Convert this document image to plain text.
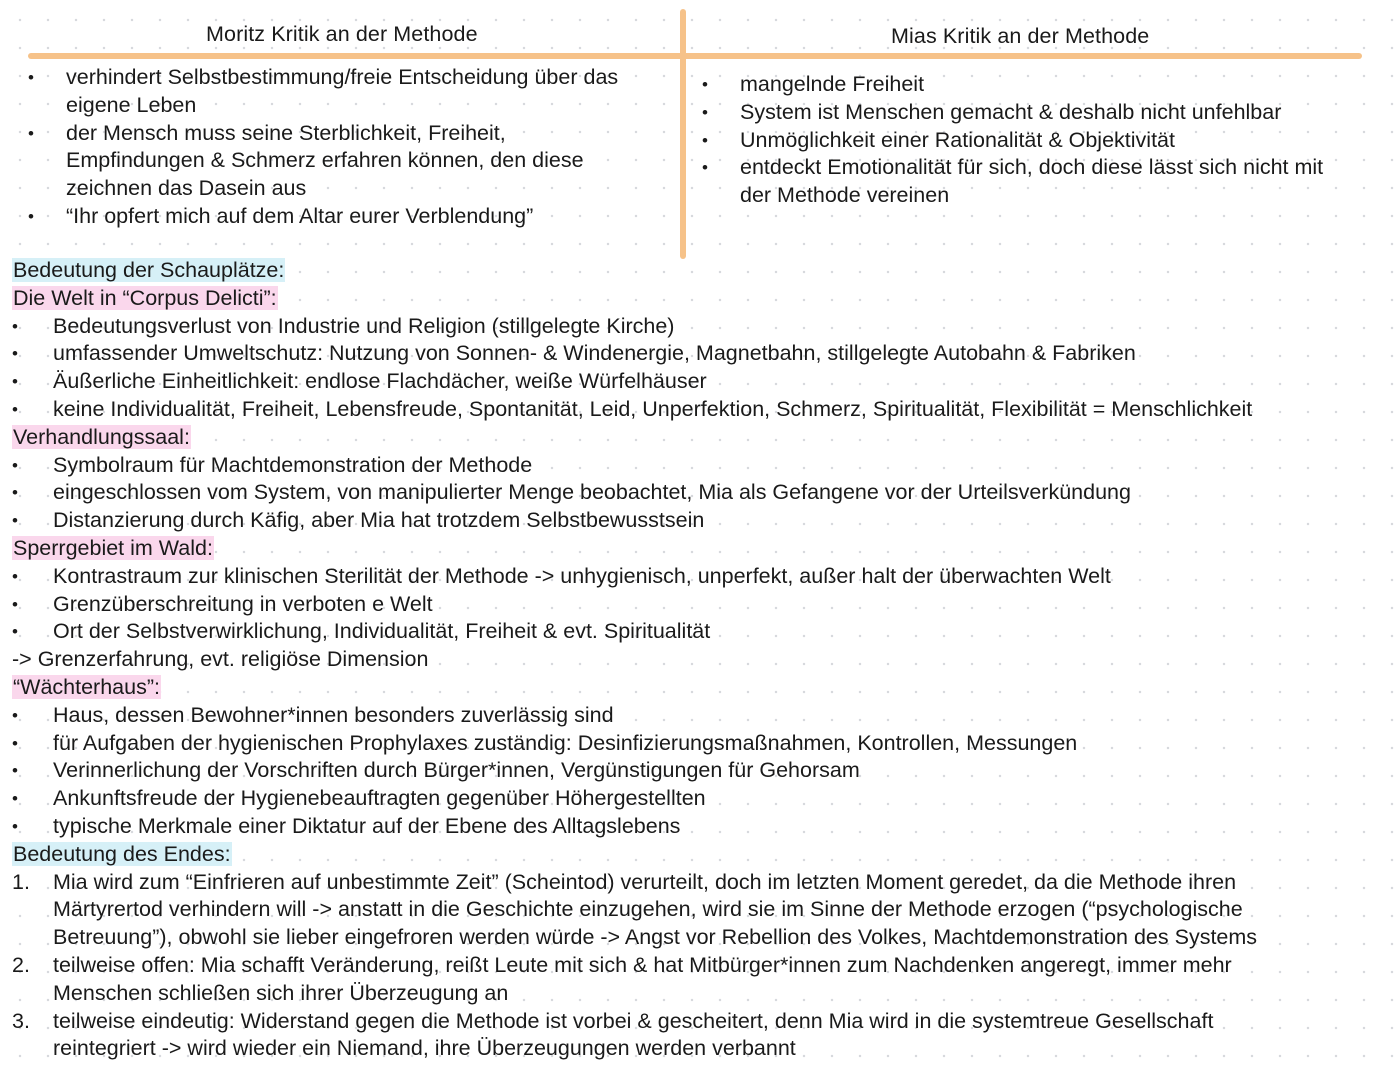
Moritz Kritik an der Methode	Mias Kritik an der Methode
• verhindert Selbstbestimmung/freie Entscheidung über das
eigene Leben
• der Mensch muss seine Sterblichkeit, Freiheit,
Empfindungen & Schmerz erfahren können, den diese
zeichnen das Dasein aus
• “Ihr opfert mich auf dem Altar eurer Verblendung”
• mangelnde Freiheit
• System ist Menschen gemacht & deshalb nicht unfehlbar
• Unmöglichkeit einer Rationalität & Objektivität
• entdeckt Emotionalität für sich, doch diese lässt sich nicht mit
der Methode vereinen
Bedeutung der Schauplätze:
Die Welt in “Corpus Delicti”:
• Bedeutungsverlust von Industrie und Religion (stillgelegte Kirche)
• umfassender Umweltschutz: Nutzung von Sonnen- & Windenergie, Magnetbahn, stillgelegte Autobahn & Fabriken
• Äußerliche Einheitlichkeit: endlose Flachdächer, weiße Würfelhäuser
• keine Individualität, Freiheit, Lebensfreude, Spontanität, Leid, Unperfektion, Schmerz, Spiritualität, Flexibilität = Menschlichkeit
Verhandlungssaal:
• Symbolraum für Machtdemonstration der Methode
• eingeschlossen vom System, von manipulierter Menge beobachtet, Mia als Gefangene vor der Urteilsverkündung
• Distanzierung durch Käfig, aber Mia hat trotzdem Selbstbewusstsein
Sperrgebiet im Wald:
• Kontrastraum zur klinischen Sterilität der Methode -> unhygienisch, unperfekt, außer halt der überwachten Welt
• Grenzüberschreitung in verboten e Welt
• Ort der Selbstverwirklichung, Individualität, Freiheit & evt. Spiritualität
-> Grenzerfahrung, evt. religiöse Dimension
“Wächterhaus”:
• Haus, dessen Bewohner*innen besonders zuverlässig sind
• für Aufgaben der hygienischen Prophylaxes zuständig: Desinfizierungsmaßnahmen, Kontrollen, Messungen
• Verinnerlichung der Vorschriften durch Bürger*innen, Vergünstigungen für Gehorsam
• Ankunftsfreude der Hygienebeauftragten gegenüber Höhergestellten
• typische Merkmale einer Diktatur auf der Ebene des Alltagslebens
Bedeutung des Endes:
1. Mia wird zum “Einfrieren auf unbestimmte Zeit” (Scheintod) verurteilt, doch im letzten Moment geredet, da die Methode ihren
Märtyrertod verhindern will -> anstatt in die Geschichte einzugehen, wird sie im Sinne der Methode erzogen (“psychologische
Betreuung”), obwohl sie lieber eingefroren werden würde -> Angst vor Rebellion des Volkes, Machtdemonstration des Systems
2. teilweise offen: Mia schafft Veränderung, reißt Leute mit sich & hat Mitbürger*innen zum Nachdenken angeregt, immer mehr
Menschen schließen sich ihrer Überzeugung an
3. teilweise eindeutig: Widerstand gegen die Methode ist vorbei & gescheitert, denn Mia wird in die systemtreue Gesellschaft
reintegriert -> wird wieder ein Niemand, ihre Überzeugungen werden verbannt
